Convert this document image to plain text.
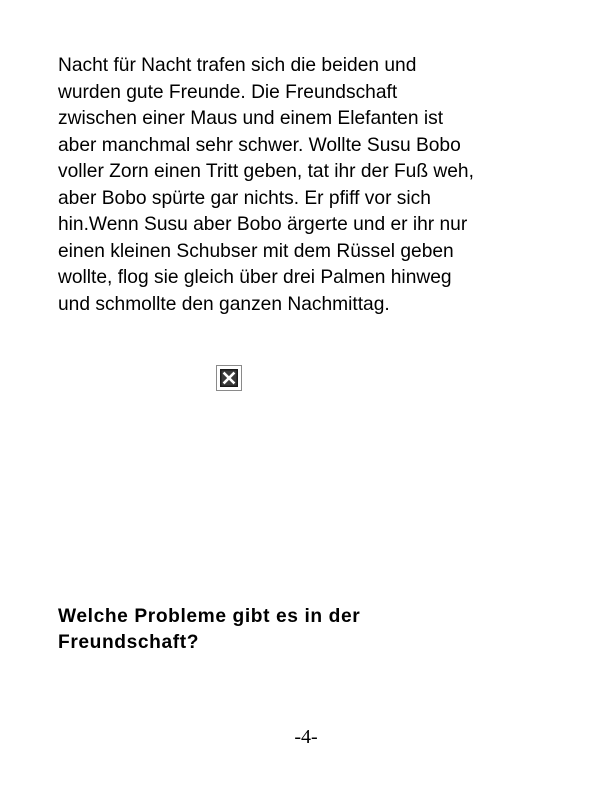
Nacht für Nacht trafen sich die beiden und
wurden gute Freunde. Die Freundschaft
zwischen einer Maus und einem Elefanten ist
aber manchmal sehr schwer. Wollte Susu Bobo
voller Zorn einen Tritt geben, tat ihr der Fuß weh,
aber Bobo spürte gar nichts. Er pfiff vor sich
hin.Wenn Susu aber Bobo ärgerte und er ihr nur
einen kleinen Schubser mit dem Rüssel geben
wollte, flog sie gleich über drei Palmen hinweg
und schmollte den ganzen Nachmittag.
Welche Probleme gibt es in der
Freundschaft?
-4-
